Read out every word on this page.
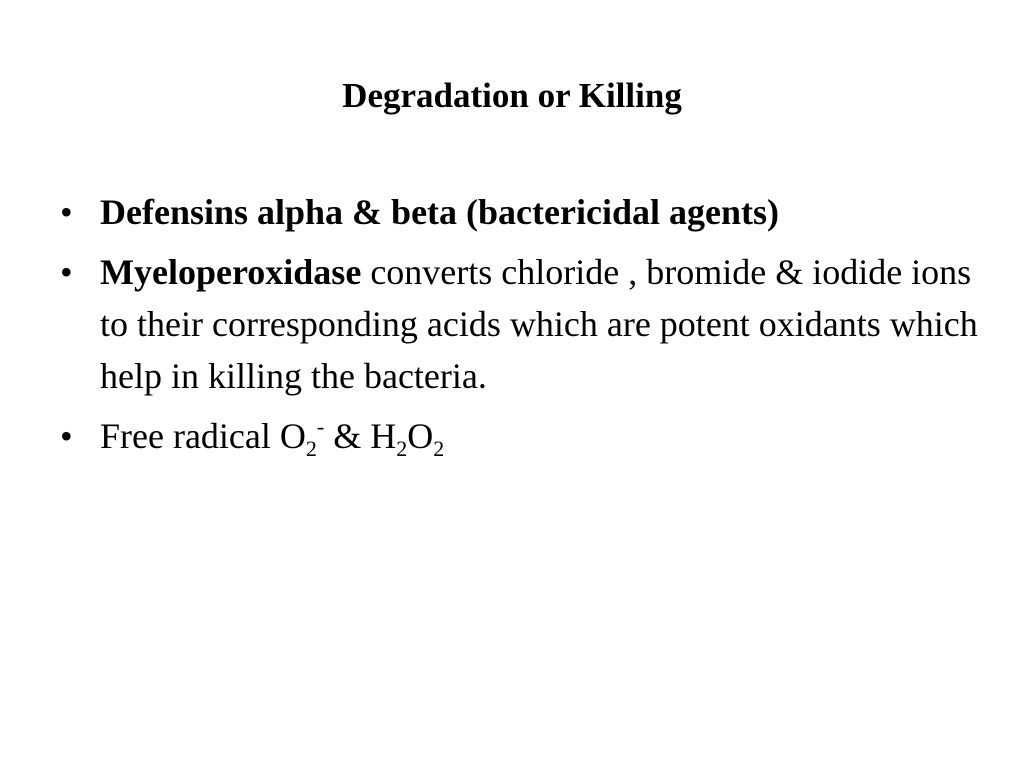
Degradation or Killing
• Defensins alpha & beta (bactericidal agents)
• Myeloperoxidase converts chloride , bromide & iodide ions to their corresponding acids which are potent oxidants which help in killing the bacteria.
• Free radical $O_2^-$ & $H_2O_2$
